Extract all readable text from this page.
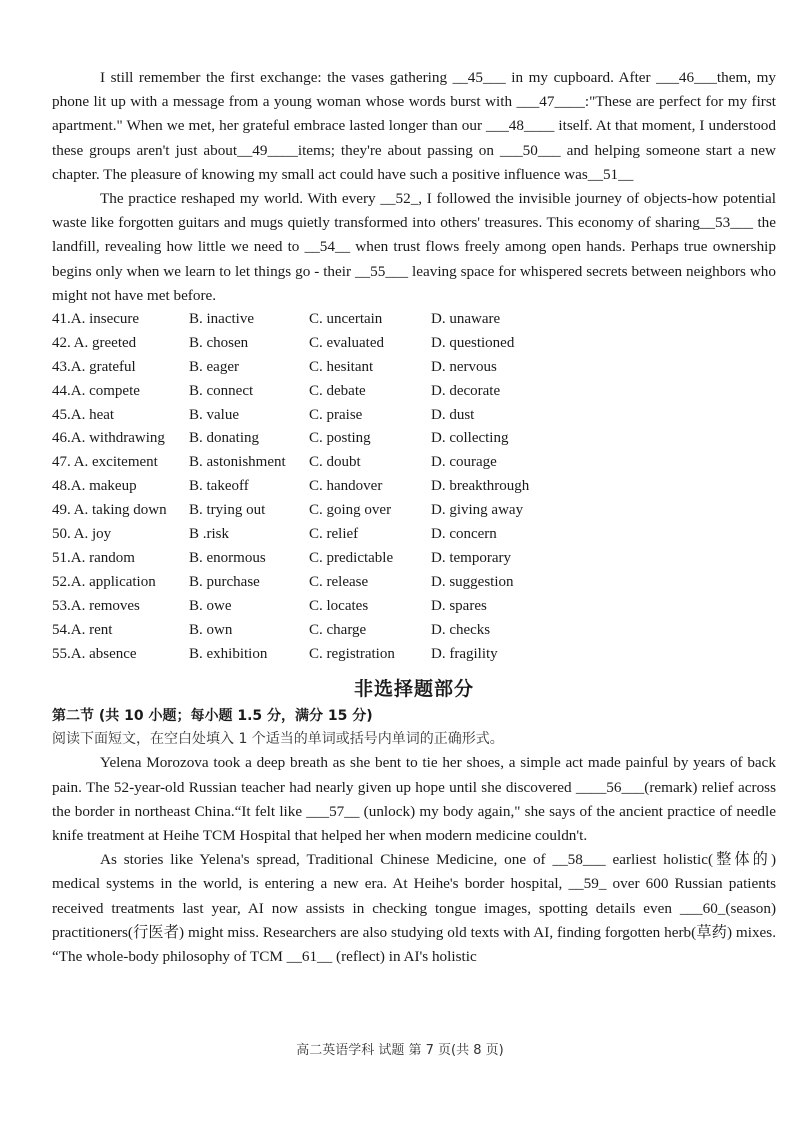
I still remember the first exchange: the vases gathering __45___ in my cupboard. After ___46___them, my phone lit up with a message from a young woman whose words burst with ___47____:"These are perfect for my first apartment." When we met, her grateful embrace lasted longer than our ___48____ itself. At that moment, I understood these groups aren't just about__49____items; they're about passing on ___50___ and helping someone start a new chapter. The pleasure of knowing my small act could have such a positive influence was__51__

The practice reshaped my world. With every __52_, I followed the invisible journey of objects-how potential waste like forgotten guitars and mugs quietly transformed into others' treasures. This economy of sharing__53___ the landfill, revealing how little we need to __54__ when trust flows freely among open hands. Perhaps true ownership begins only when we learn to let things go - their __55___ leaving space for whispered secrets between neighbors who might not have met before.

41.A. insecure	B. inactive	C. uncertain	D. unaware
42. A. greeted	B. chosen	C. evaluated	D. questioned
43.A. grateful	B. eager	C. hesitant	D. nervous
44.A. compete	B. connect	C. debate	D. decorate
45.A. heat	B. value	C. praise	D. dust
46.A. withdrawing B. donating	C. posting	D. collecting
47. A. excitement B. astonishment C. doubt	D. courage
48.A. makeup	B. takeoff	C. handover	D. breakthrough
49. A. taking down B. trying out	C. going over	D. giving away
50. A. joy	B .risk	C. relief	D. concern
51.A. random	B. enormous	C. predictable	D. temporary
52.A. application B. purchase	C. release	D. suggestion
53.A. removes	B. owe	C. locates	D. spares
54.A. rent	B. own	C. charge	D. checks
55.A. absence	B. exhibition	C. registration D. fragility
非选择题部分
第二节 (共 10 小题；每小题 1.5 分，满分 15 分)
阅读下面短文，在空白处填入 1 个适当的单词或括号内单词的正确形式。

Yelena Morozova took a deep breath as she bent to tie her shoes, a simple act made painful by years of back pain. The 52-year-old Russian teacher had nearly given up hope until she discovered ____56___(remark) relief across the border in northeast China.“It felt like ___57__ (unlock) my body again," she says of the ancient practice of needle knife treatment at Heihe TCM Hospital that helped her when modern medicine couldn't.

As stories like Yelena's spread, Traditional Chinese Medicine, one of __58___ earliest holistic(整体的) medical systems in the world, is entering a new era. At Heihe's border hospital, __59_ over 600 Russian patients received treatments last year, AI now assists in checking tongue images, spotting details even ___60_(season) practitioners(行医者) might miss. Researchers are also studying old texts with AI, finding forgotten herb(草药) mixes. “The whole-body philosophy of TCM __61__ (reflect) in AI's holistic

高二英语学科 试题 第 7 页(共 8 页)
